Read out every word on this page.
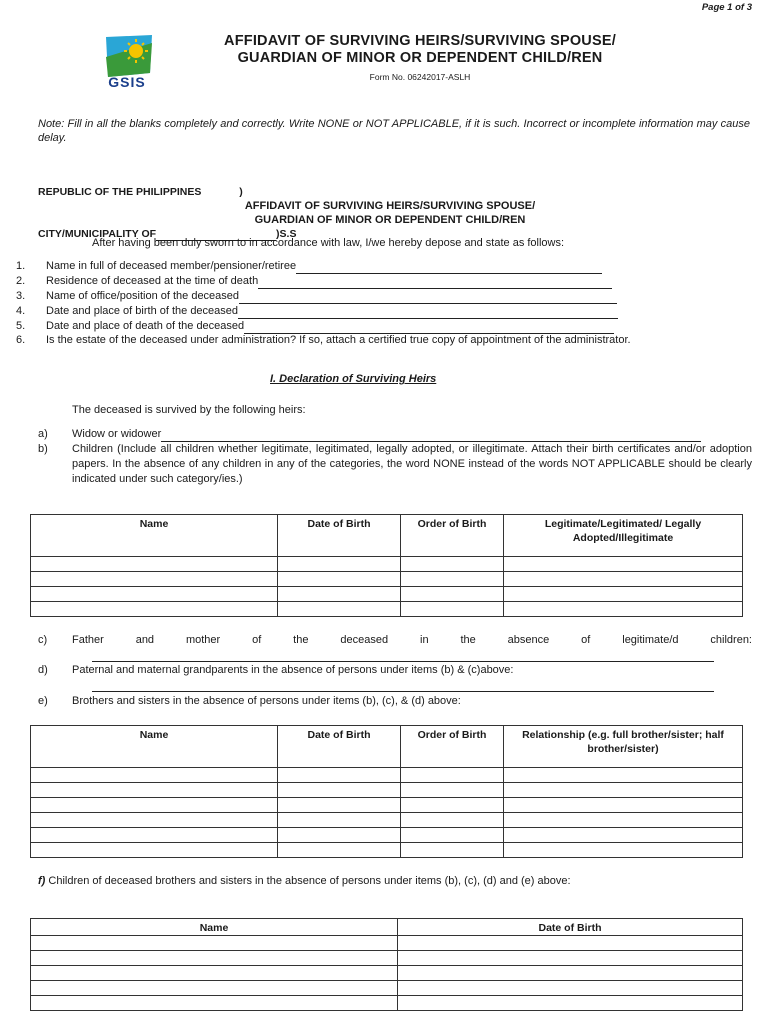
Page 1 of 3
GSIS
AFFIDAVIT OF SURVIVING HEIRS/SURVIVING SPOUSE/
GUARDIAN OF MINOR OR DEPENDENT CHILD/REN
Form No. 06242017-ASLH
Note: Fill in all the blanks completely and correctly. Write NONE or NOT APPLICABLE, if it is such. Incorrect or incomplete information may cause delay.

REPUBLIC OF THE PHILIPPINES             )

CITY/MUNICIPALITY OF	)S.S

AFFIDAVIT OF SURVIVING HEIRS/SURVIVING SPOUSE/
GUARDIAN OF MINOR OR DEPENDENT CHILD/REN
After having been duly sworn to in accordance with law, I/we hereby depose and state as follows:
1.	Name in full of deceased member/pensioner/retiree
2.	Residence of deceased at the time of death
3.	Name of office/position of the deceased
4.	Date and place of birth of the deceased
5.	Date and place of death of the deceased
6.	Is the estate of the deceased under administration? If so, attach a certified true copy of appointment of the administrator.
I. Declaration of Surviving Heirs
The deceased is survived by the following heirs:
a)	Widow or widower
b)	Children (Include all children whether legitimate, legitimated, legally adopted, or illegitimate. Attach their birth certificates and/or adoption papers. In the absence of any children in any of the categories, the word NONE instead of the words NOT APPLICABLE should be clearly indicated under such category/ies.)
Name	Date of Birth	Order of Birth	Legitimate/Legitimated/ Legally Adopted/Illegitimate

c)	Father and mother of the deceased in the absence of legitimate/d children:
d)	Paternal and maternal grandparents in the absence of persons under items (b) & (c)above:
e)	Brothers and sisters in the absence of persons under items (b), (c), & (d) above:
Name	Date of Birth	Order of Birth	Relationship (e.g. full brother/sister; half brother/sister)

f) Children of deceased brothers and sisters in the absence of persons under items (b), (c), (d) and (e) above:
Name	Date of Birth
